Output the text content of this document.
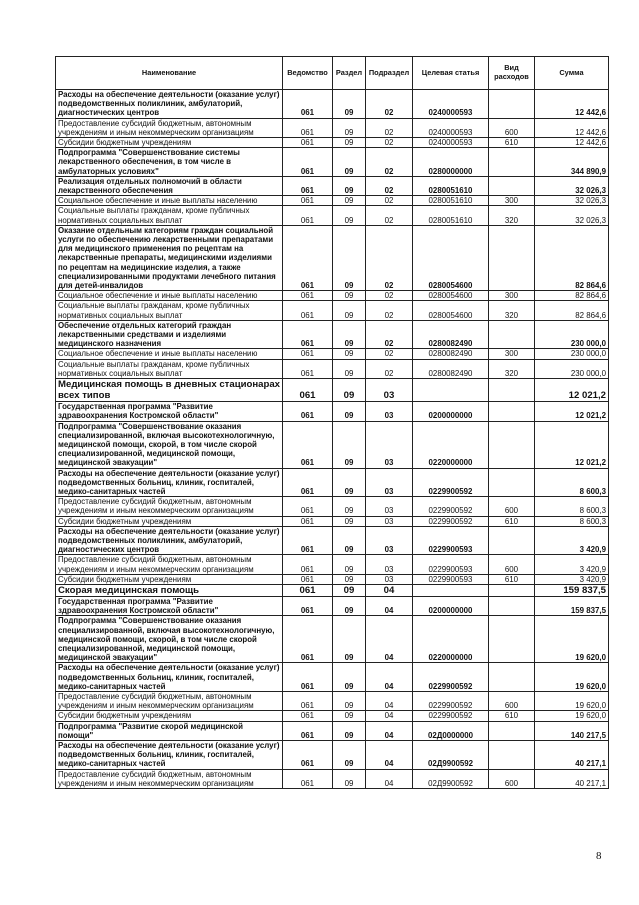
Наименование	Ведомство	Раздел	Подраздел	Целевая статья	Вид расходов	Сумма
Расходы на обеспечение деятельности (оказание услуг) подведомственных поликлиник, амбулаторий, диагностических центров	061	09	02	0240000593		12 442,6
Предоставление субсидий бюджетным, автономным учреждениям и иным некоммерческим организациям	061	09	02	0240000593	600	12 442,6
Субсидии бюджетным учреждениям	061	09	02	0240000593	610	12 442,6
Подпрограмма "Совершенствование системы лекарственного обеспечения, в том числе в амбулаторных условиях"	061	09	02	0280000000		344 890,9
Реализация отдельных полномочий в области лекарственного обеспечения	061	09	02	0280051610		32 026,3
Социальное обеспечение и иные выплаты населению	061	09	02	0280051610	300	32 026,3
Социальные выплаты гражданам, кроме публичных нормативных социальных выплат	061	09	02	0280051610	320	32 026,3
Оказание отдельным категориям граждан социальной услуги по обеспечению лекарственными препаратами для медицинского применения по рецептам на лекарственные препараты, медицинскими изделиями по рецептам на медицинские изделия, а также специализированными продуктами лечебного питания для детей-инвалидов	061	09	02	0280054600		82 864,6
Социальное обеспечение и иные выплаты населению	061	09	02	0280054600	300	82 864,6
Социальные выплаты гражданам, кроме публичных нормативных социальных выплат	061	09	02	0280054600	320	82 864,6
Обеспечение отдельных категорий граждан лекарственными средствами и изделиями медицинского назначения	061	09	02	0280082490		230 000,0
Социальное обеспечение и иные выплаты населению	061	09	02	0280082490	300	230 000,0
Социальные выплаты гражданам, кроме публичных нормативных социальных выплат	061	09	02	0280082490	320	230 000,0
Медицинская помощь в дневных стационарах всех типов	061	09	03			12 021,2
Государственная программа "Развитие здравоохранения Костромской области"	061	09	03	0200000000		12 021,2
Подпрограмма "Совершенствование оказания специализированной, включая высокотехнологичную, медицинской помощи, скорой, в том числе скорой специализированной, медицинской помощи, медицинской эвакуации"	061	09	03	0220000000		12 021,2
Расходы на обеспечение деятельности (оказание услуг) подведомственных больниц, клиник, госпиталей, медико-санитарных частей	061	09	03	0229900592		8 600,3
Предоставление субсидий бюджетным, автономным учреждениям и иным некоммерческим организациям	061	09	03	0229900592	600	8 600,3
Субсидии бюджетным учреждениям	061	09	03	0229900592	610	8 600,3
Расходы на обеспечение деятельности (оказание услуг) подведомственных поликлиник, амбулаторий, диагностических центров	061	09	03	0229900593		3 420,9
Предоставление субсидий бюджетным, автономным учреждениям и иным некоммерческим организациям	061	09	03	0229900593	600	3 420,9
Субсидии бюджетным учреждениям	061	09	03	0229900593	610	3 420,9
Скорая медицинская помощь	061	09	04			159 837,5
Государственная программа "Развитие здравоохранения Костромской области"	061	09	04	0200000000		159 837,5
Подпрограмма "Совершенствование оказания специализированной, включая высокотехнологичную, медицинской помощи, скорой, в том числе скорой специализированной, медицинской помощи, медицинской эвакуации"	061	09	04	0220000000		19 620,0
Расходы на обеспечение деятельности (оказание услуг) подведомственных больниц, клиник, госпиталей, медико-санитарных частей	061	09	04	0229900592		19 620,0
Предоставление субсидий бюджетным, автономным учреждениям и иным некоммерческим организациям	061	09	04	0229900592	600	19 620,0
Субсидии бюджетным учреждениям	061	09	04	0229900592	610	19 620,0
Подпрограмма "Развитие скорой медицинской помощи"	061	09	04	02Д0000000		140 217,5
Расходы на обеспечение деятельности (оказание услуг) подведомственных больниц, клиник, госпиталей, медико-санитарных частей	061	09	04	02Д9900592		40 217,1
Предоставление субсидий бюджетным, автономным учреждениям и иным некоммерческим организациям	061	09	04	02Д9900592	600	40 217,1
8
